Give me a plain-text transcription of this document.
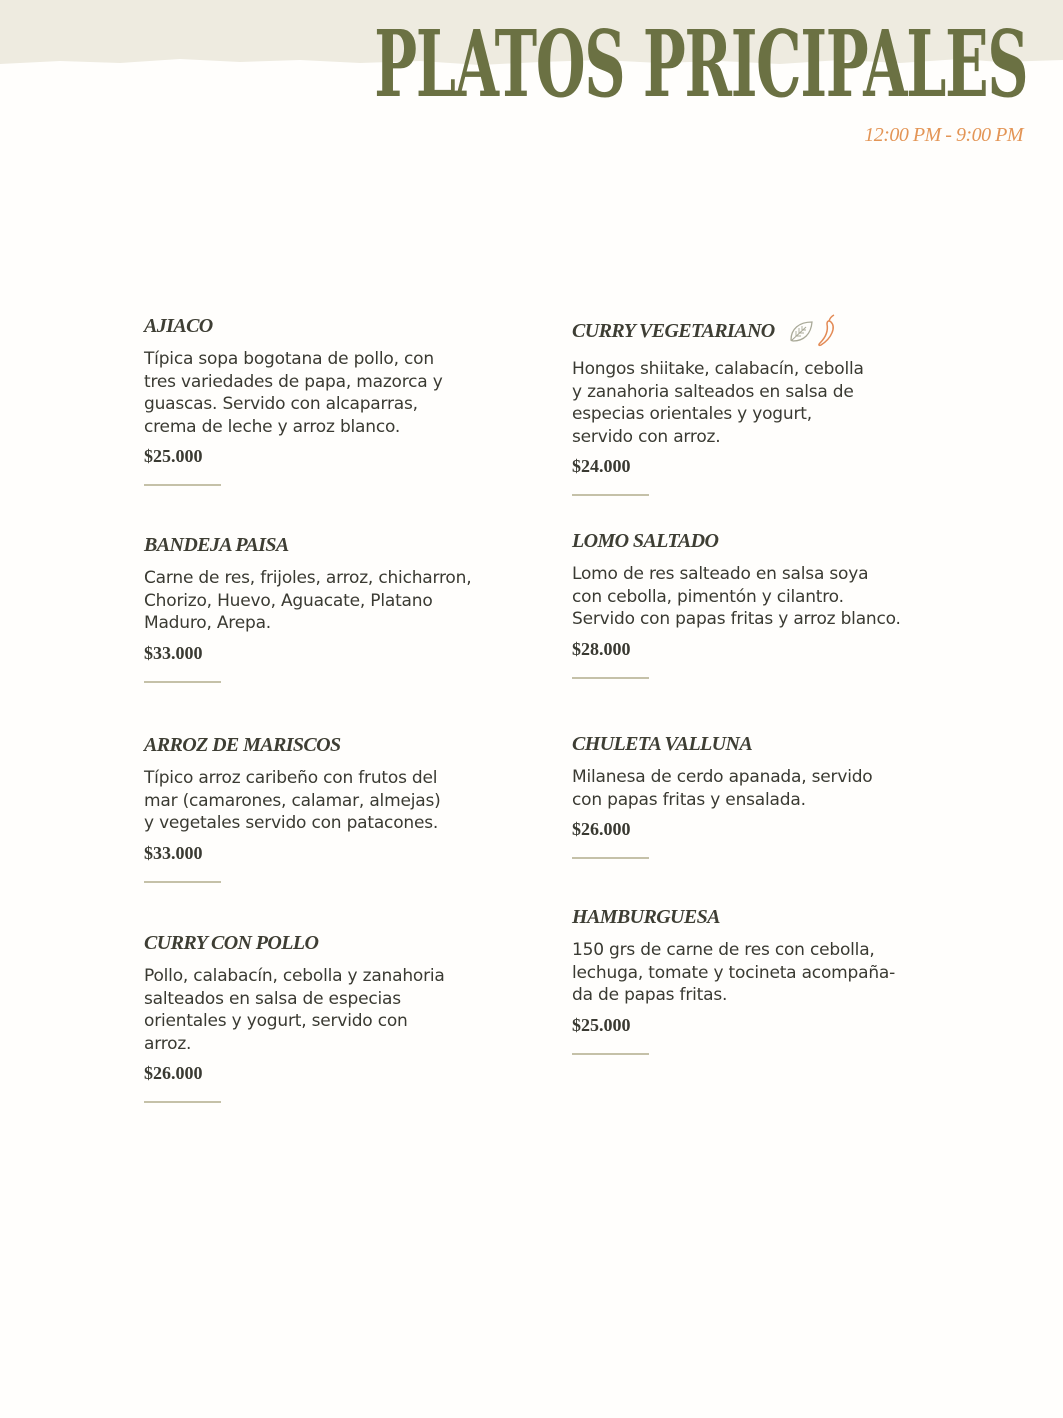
PLATOS PRICIPALES
12:00 PM - 9:00 PM
AJIACO

Típica sopa bogotana de pollo, con
tres variedades de papa, mazorca y
guascas. Servido con alcaparras,
crema de leche y arroz blanco.

$25.000
BANDEJA PAISA

Carne de res, frijoles, arroz, chicharron,
Chorizo, Huevo, Aguacate, Platano
Maduro, Arepa.

$33.000
ARROZ DE MARISCOS

Típico arroz caribeño con frutos del
mar (camarones, calamar, almejas)
y vegetales servido con patacones.

$33.000
CURRY CON POLLO

Pollo, calabacín, cebolla y zanahoria
salteados en salsa de especias
orientales y yogurt, servido con
arroz.

$26.000
CURRY VEGETARIANO

Hongos shiitake, calabacín, cebolla
y zanahoria salteados en salsa de
especias orientales y yogurt,
servido con arroz.

$24.000
LOMO SALTADO

Lomo de res salteado en salsa soya
con cebolla, pimentón y cilantro.
Servido con papas fritas y arroz blanco.

$28.000
CHULETA VALLUNA

Milanesa de cerdo apanada, servido
con papas fritas y ensalada.

$26.000
HAMBURGUESA

150 grs de carne de res con cebolla,
lechuga, tomate y tocineta acompaña-
da de papas fritas.

$25.000
